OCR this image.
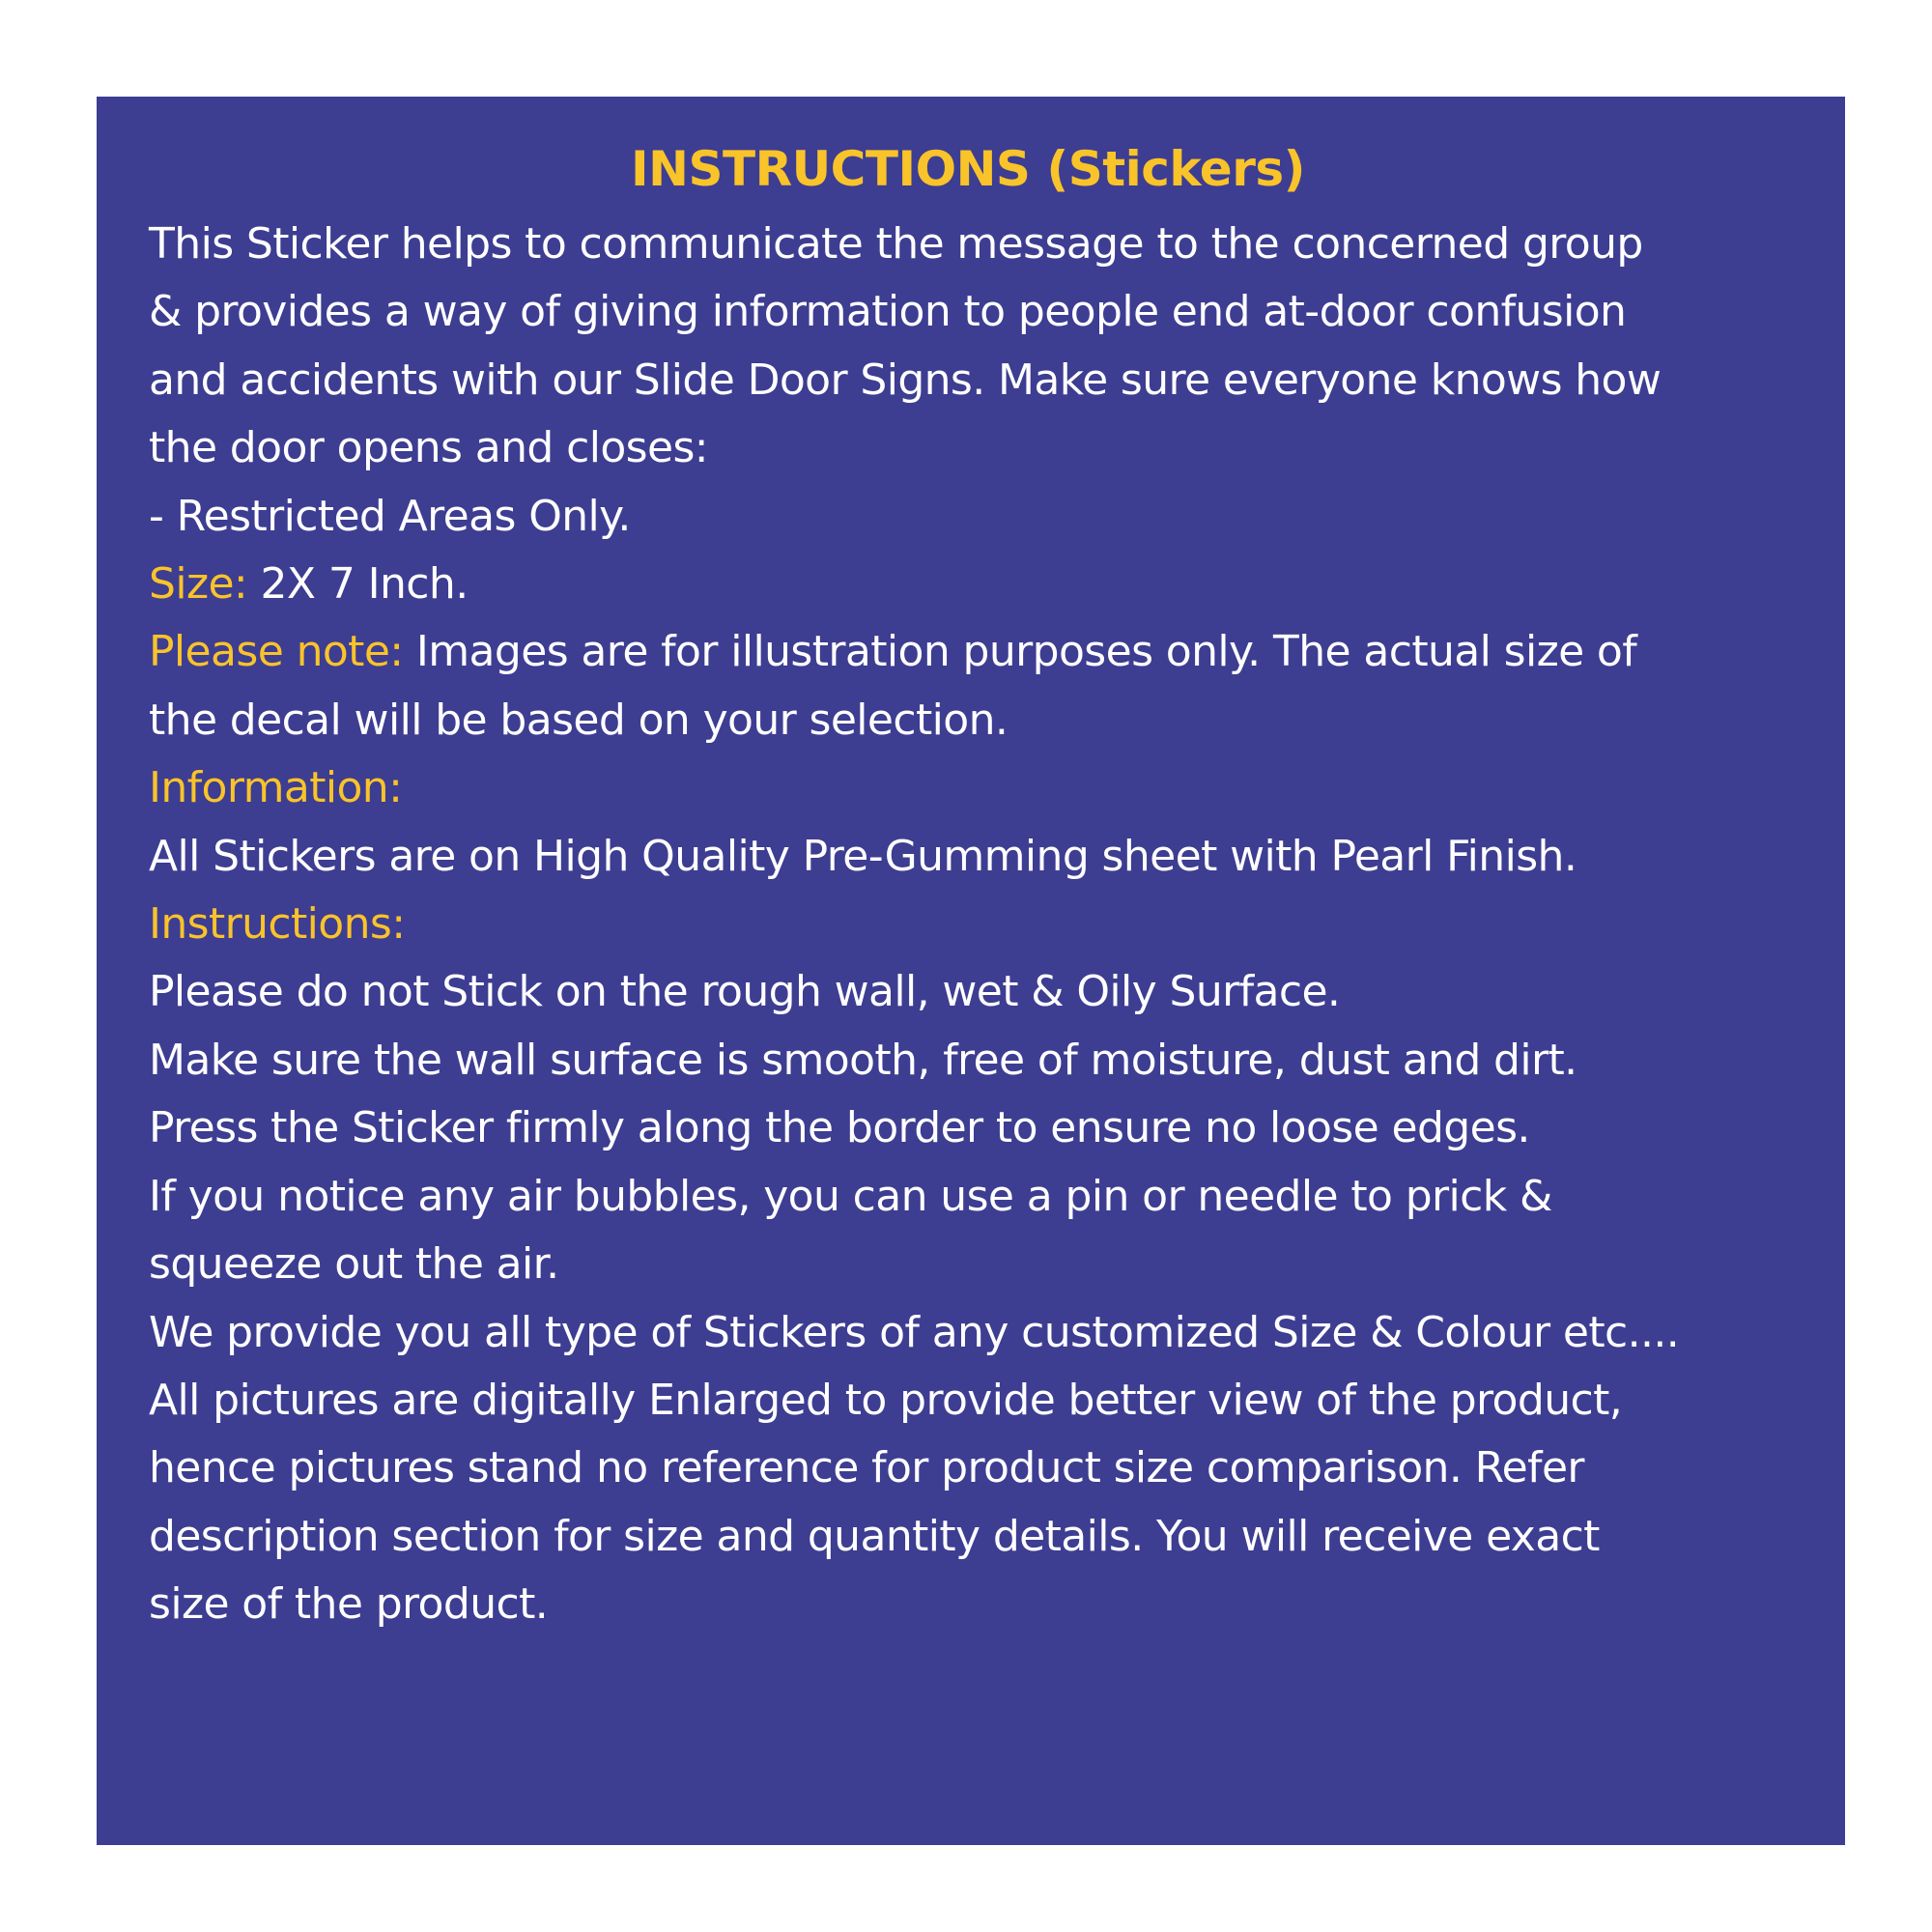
INSTRUCTIONS (Stickers)
This Sticker helps to communicate the message to the concerned group
& provides a way of giving information to people end at-door confusion
and accidents with our Slide Door Signs. Make sure everyone knows how
the door opens and closes:
- Restricted Areas Only.
Size: 2X 7 Inch.
Please note: Images are for illustration purposes only. The actual size of
the decal will be based on your selection.
Information:
All Stickers are on High Quality Pre-Gumming sheet with Pearl Finish.
Instructions:
Please do not Stick on the rough wall, wet & Oily Surface.
Make sure the wall surface is smooth, free of moisture, dust and dirt.
Press the Sticker firmly along the border to ensure no loose edges.
If you notice any air bubbles, you can use a pin or needle to prick &
squeeze out the air.
We provide you all type of Stickers of any customized Size & Colour etc....
All pictures are digitally Enlarged to provide better view of the product,
hence pictures stand no reference for product size comparison. Refer
description section for size and quantity details. You will receive exact
size of the product.
